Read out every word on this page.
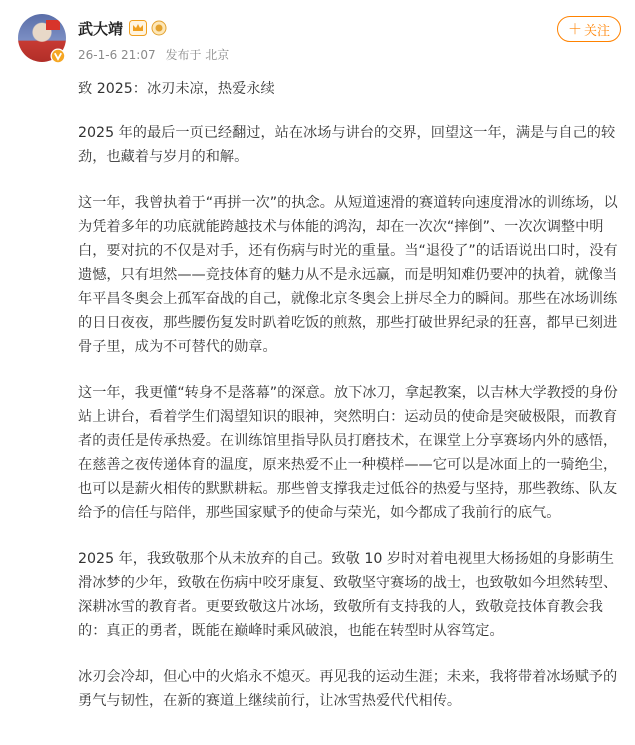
武大靖
26-1-6 21:07 发布于 北京
＋ 关注

致 2025：冰刃未凉，热爱永续

2025 年的最后一页已经翻过，站在冰场与讲台的交界，回望这一年，满是与自己的较劲，也藏着与岁月的和解。

这一年，我曾执着于“再拼一次”的执念。从短道速滑的赛道转向速度滑冰的训练场，以为凭着多年的功底就能跨越技术与体能的鸿沟，却在一次次“摔倒”、一次次调整中明白，要对抗的不仅是对手，还有伤病与时光的重量。当“退役了”的话语说出口时，没有遗憾，只有坦然——竞技体育的魅力从不是永远赢，而是明知难仍要冲的执着，就像当年平昌冬奥会上孤军奋战的自己，就像北京冬奥会上拼尽全力的瞬间。那些在冰场训练的日日夜夜，那些腰伤复发时趴着吃饭的煎熬，那些打破世界纪录的狂喜，都早已刻进骨子里，成为不可替代的勋章。

这一年，我更懂“转身不是落幕”的深意。放下冰刀，拿起教案，以吉林大学教授的身份站上讲台，看着学生们渴望知识的眼神，突然明白：运动员的使命是突破极限，而教育者的责任是传承热爱。在训练馆里指导队员打磨技术，在课堂上分享赛场内外的感悟，在慈善之夜传递体育的温度，原来热爱不止一种模样——它可以是冰面上的一骑绝尘，也可以是薪火相传的默默耕耘。那些曾支撑我走过低谷的热爱与坚持，那些教练、队友给予的信任与陪伴，那些国家赋予的使命与荣光，如今都成了我前行的底气。

2025 年，我致敬那个从未放弃的自己。致敬 10 岁时对着电视里大杨扬姐的身影萌生滑冰梦的少年，致敬在伤病中咬牙康复、致敬坚守赛场的战士，也致敬如今坦然转型、深耕冰雪的教育者。更要致敬这片冰场，致敬所有支持我的人，致敬竞技体育教会我的：真正的勇者，既能在巅峰时乘风破浪，也能在转型时从容笃定。

冰刃会冷却，但心中的火焰永不熄灭。再见我的运动生涯；未来，我将带着冰场赋予的勇气与韧性，在新的赛道上继续前行，让冰雪热爱代代相传。
